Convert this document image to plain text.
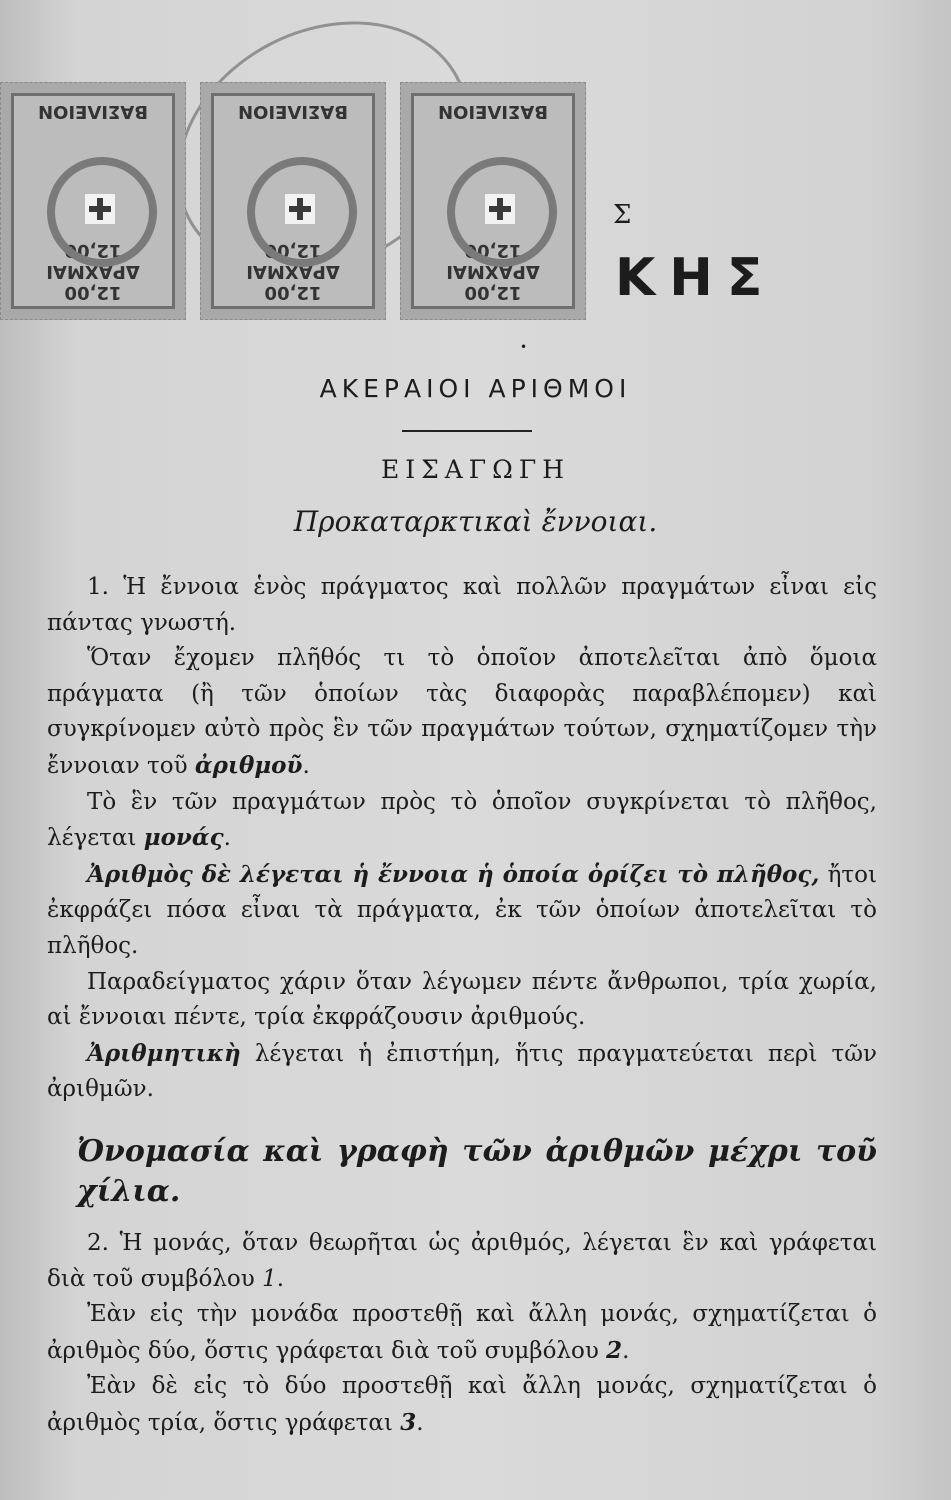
12,00 ΔΡΑΧΜΑΙ 12,00
ΒΑΣΙΛΕΙΟΝ
12,00 ΔΡΑΧΜΑΙ 12,00
ΒΑΣΙΛΕΙΟΝ
12,00 ΔΡΑΧΜΑΙ 12,00
ΒΑΣΙΛΕΙΟΝ
Σ
ΚΗΣ
•
ΑΚΕΡΑΙΟΙ ΑΡΙΘΜΟΙ
ΕΙΣΑΓΩΓΗ
Προκαταρκτικαὶ ἔννοιαι.

1. Ἡ ἔννοια ἑνὸς πράγματος καὶ πολλῶν πραγμάτων εἶναι εἰς πάντας γνωστή.

Ὅταν ἔχομεν πλῆθός τι τὸ ὁποῖον ἀποτελεῖται ἀπὸ ὅμοια πράγματα (ἢ τῶν ὁποίων τὰς διαφορὰς παραβλέπομεν) καὶ συγκρίνομεν αὐτὸ πρὸς ἓν τῶν πραγμάτων τούτων, σχηματίζομεν τὴν ἔννοιαν τοῦ ἀριθμοῦ.

Τὸ ἓν τῶν πραγμάτων πρὸς τὸ ὁποῖον συγκρίνεται τὸ πλῆθος, λέγεται μονάς.

Ἀριθμὸς δὲ λέγεται ἡ ἔννοια ἡ ὁποία ὁρίζει τὸ πλῆθος, ἤτοι ἐκφράζει πόσα εἶναι τὰ πράγματα, ἐκ τῶν ὁποίων ἀποτελεῖται τὸ πλῆθος.

Παραδείγματος χάριν ὅταν λέγωμεν πέντε ἄνθρωποι, τρία χωρία, αἱ ἔννοιαι πέντε, τρία ἐκφράζουσιν ἀριθμούς.

Ἀριθμητικὴ λέγεται ἡ ἐπιστήμη, ἥτις πραγματεύεται περὶ τῶν ἀριθμῶν.

Ὀνομασία καὶ γραφὴ τῶν ἀριθμῶν μέχρι τοῦ χίλια.

2. Ἡ μονάς, ὅταν θεωρῆται ὡς ἀριθμός, λέγεται ἓν καὶ γράφεται διὰ τοῦ συμβόλου 1.

Ἐὰν εἰς τὴν μονάδα προστεθῇ καὶ ἄλλη μονάς, σχηματίζεται ὁ ἀριθμὸς δύο, ὅστις γράφεται διὰ τοῦ συμβόλου 2.

Ἐὰν δὲ εἰς τὸ δύο προστεθῇ καὶ ἄλλη μονάς, σχηματίζεται ὁ ἀριθμὸς τρία, ὅστις γράφεται 3.
